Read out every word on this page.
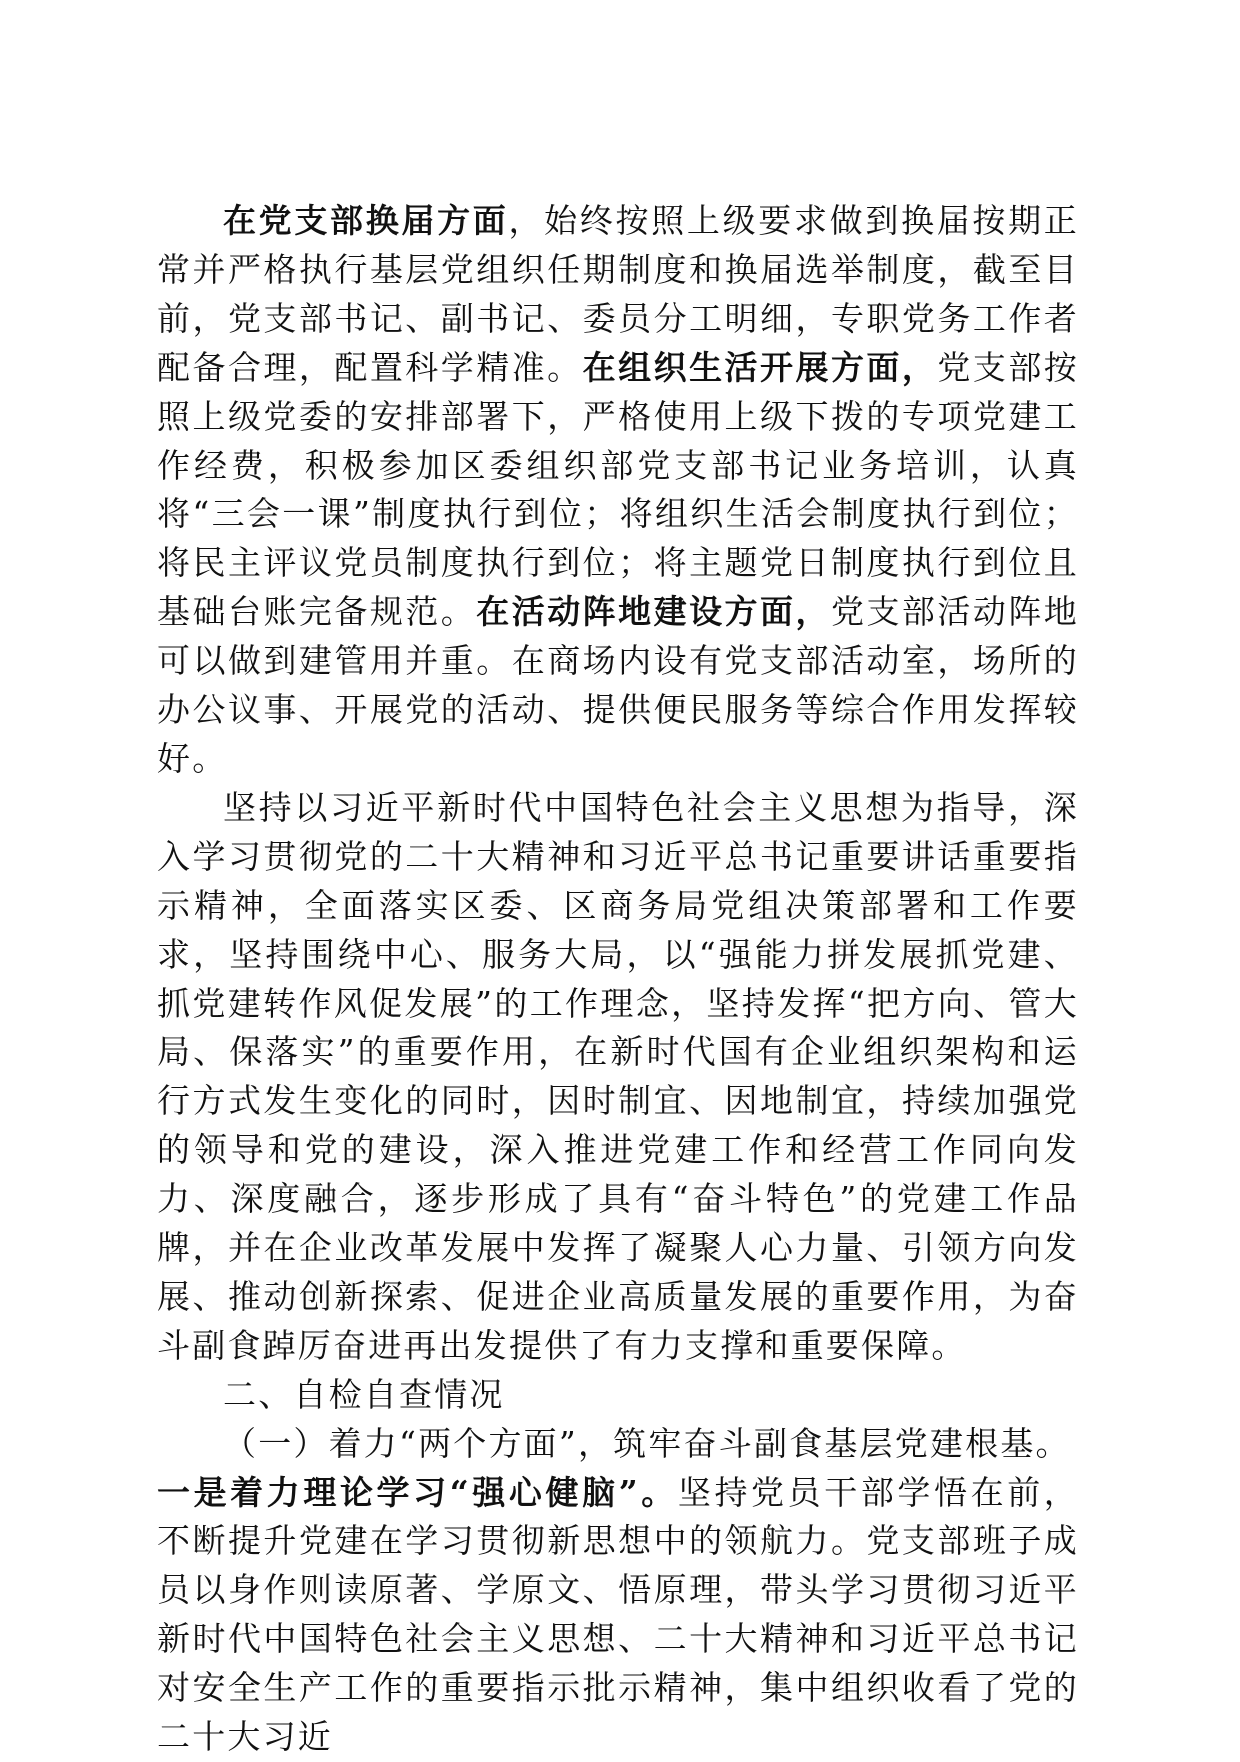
在党支部换届方面，始终按照上级要求做到换届按期正常并严格执行基层党组织任期制度和换届选举制度，截至目前，党支部书记、副书记、委员分工明细，专职党务工作者配备合理，配置科学精准。在组织生活开展方面，党支部按照上级党委的安排部署下，严格使用上级下拨的专项党建工作经费，积极参加区委组织部党支部书记业务培训，认真将“三会一课”制度执行到位；将组织生活会制度执行到位；将民主评议党员制度执行到位；将主题党日制度执行到位且基础台账完备规范。在活动阵地建设方面，党支部活动阵地可以做到建管用并重。在商场内设有党支部活动室，场所的办公议事、开展党的活动、提供便民服务等综合作用发挥较好。

坚持以习近平新时代中国特色社会主义思想为指导，深入学习贯彻党的二十大精神和习近平总书记重要讲话重要指示精神，全面落实区委、区商务局党组决策部署和工作要求，坚持围绕中心、服务大局，以“强能力拼发展抓党建、抓党建转作风促发展”的工作理念，坚持发挥“把方向、管大局、保落实”的重要作用，在新时代国有企业组织架构和运行方式发生变化的同时，因时制宜、因地制宜，持续加强党的领导和党的建设，深入推进党建工作和经营工作同向发力、深度融合，逐步形成了具有“奋斗特色”的党建工作品牌，并在企业改革发展中发挥了凝聚人心力量、引领方向发展、推动创新探索、促进企业高质量发展的重要作用，为奋斗副食踔厉奋进再出发提供了有力支撑和重要保障。

二、自检自查情况

（一）着力“两个方面”，筑牢奋斗副食基层党建根基。

一是着力理论学习“强心健脑”。坚持党员干部学悟在前，不断提升党建在学习贯彻新思想中的领航力。党支部班子成员以身作则读原著、学原文、悟原理，带头学习贯彻习近平新时代中国特色社会主义思想、二十大精神和习近平总书记对安全生产工作的重要指示批示精神，集中组织收看了党的二十大习近
